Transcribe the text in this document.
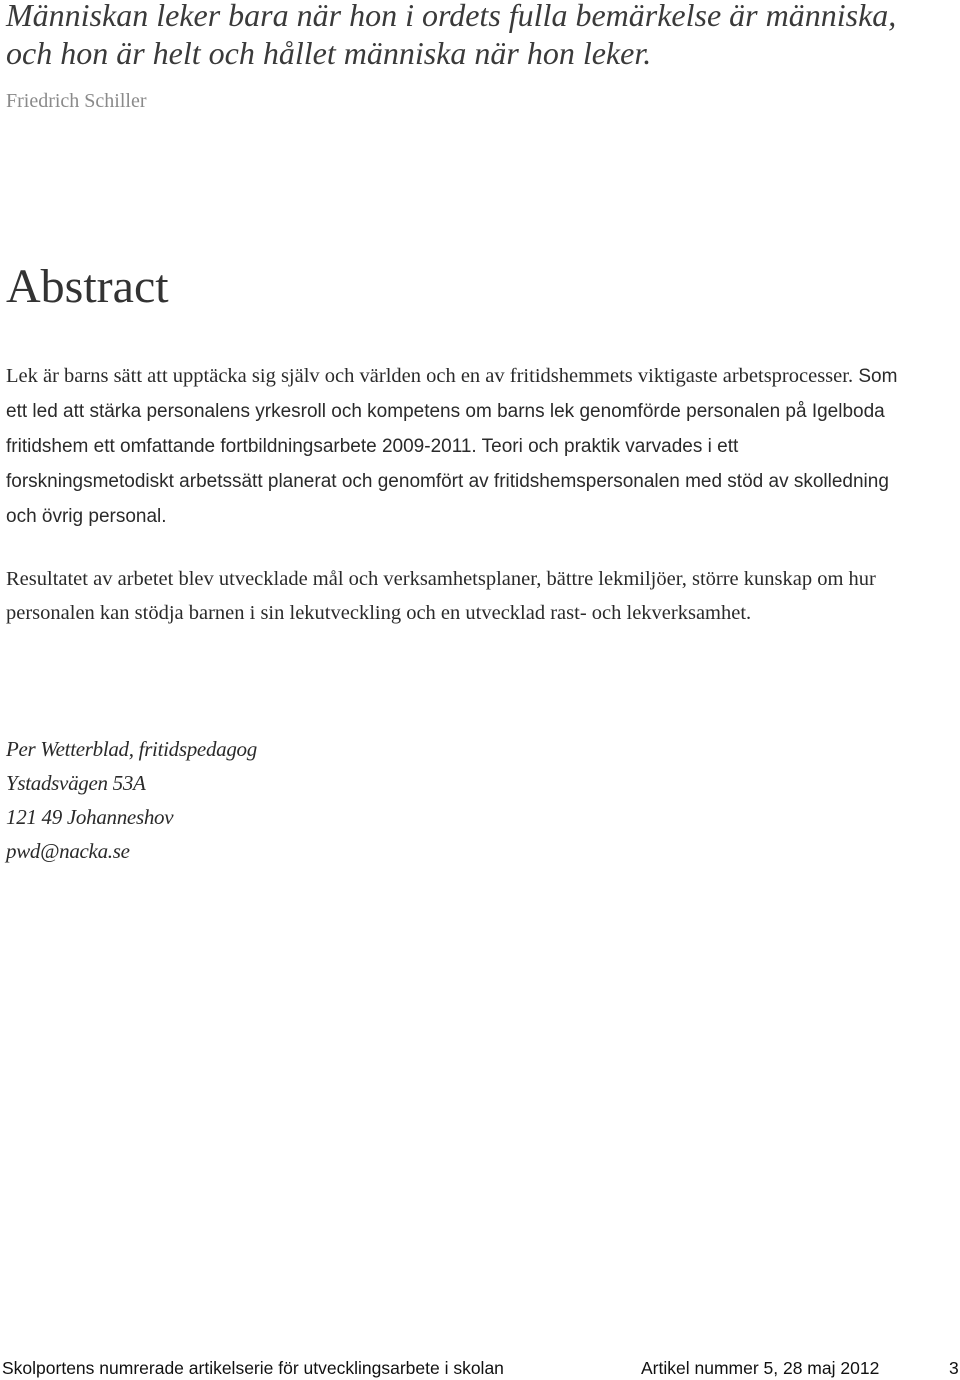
Människan leker bara när hon i ordets fulla bemärkelse är människa, och hon är helt och hållet människa när hon leker.

Friedrich Schiller
Abstract

Lek är barns sätt att upptäcka sig själv och världen och en av fritidshemmets viktigaste arbetsprocesser. Som ett led att stärka personalens yrkesroll och kompetens om barns lek genomförde personalen på Igelboda fritidshem ett omfattande fortbildningsarbete 2009-2011. Teori och praktik varvades i ett forskningsmetodiskt arbetssätt planerat och genomfört av fritidshemspersonalen med stöd av skolledning och övrig personal.

Resultatet av arbetet blev utvecklade mål och verksamhetsplaner, bättre lekmiljöer, större kunskap om hur personalen kan stödja barnen i sin lekutveckling och en utvecklad rast- och lekverksamhet.

Per Wetterblad, fritidspedagog
Ystadsvägen 53A
121 49 Johanneshov
pwd@nacka.se
Skolportens numrerade artikelserie för utvecklingsarbete i skolan	Artikel nummer 5, 28 maj 2012	3
